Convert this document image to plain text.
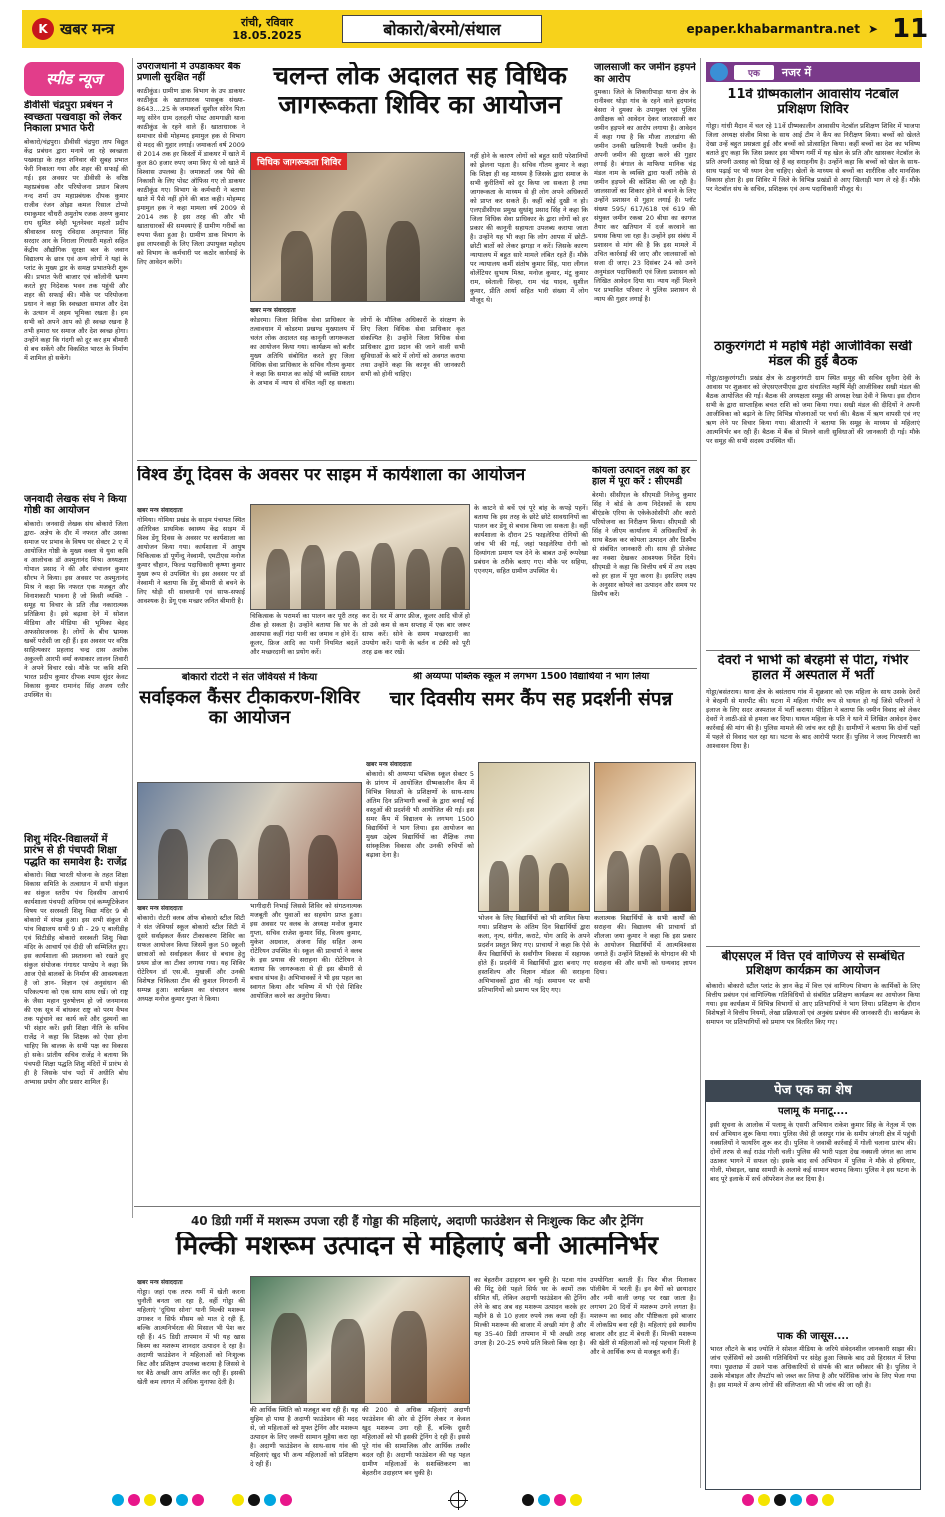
K खबर मन्त्र	रांची, रविवार
18.05.2025	बोकारो/बेरमो/संथाल	epaper.khabarmantra.net ➤ 11
स्पीड न्यूज
डीवीसी चंद्रपुरा प्रबंधन ने स्वच्छता पखवाड़ा को लेकर निकाला प्रभात फेरी
बोकारो/चंद्रपुरा। डीवीसी चंद्रपुरा ताप विद्युत केंद्र प्रबंधन द्वारा मनाये जा रहे स्वच्छता पखवाड़ा के तहत शनिवार की सुबह प्रभात फेरी निकाला गया और शहर की सफाई की गई। इस अवसर पर डीवीसी के वरिष्ठ महाप्रबंधक और परियोजना प्रधान बिजय नन्द शर्मा उप महाप्रबंधक दीपक कुमार राजीव रंजन ओझा कमल रिसाल टोप्पो रमाकुमार चौधरी अमुतोष रजक अरुण कुमार राय सुमित स्नेही भूतनेश्वर महतो प्रदीप श्रीवास्तव सरयु रविदास अमृतपाल सिंह सरदार आर के निराला गिरधारी महतो सहित केंद्रीय औद्योगिक सुरक्षा बल के जवान विद्यालय के छात्र एवं अन्य लोगों ने यहां के प्लांट के मुख्य द्वार के समक्ष प्रभातफेरी शुरू की। प्रभात फेरी बाजार एवं कॉलोनी भ्रमण करते हुए निदेशक भवन तक पहुंची और शहर की सफाई की। मौके पर परियोजना प्रधान ने कहा कि स्वच्छता समाज और देश के उत्थान में अहम भूमिका रखता है। हम सभी को अपने आप को ही स्वच्छ रखना है तभी हमारा घर समाज और देश स्वच्छ होगा। उन्होंने कहा कि गंदगी को दूर कर हम बीमारी से बच सकेंगे और विकसित भारत के निर्माण में शामिल हो सकेंगे।
जनवादी लेखक संघ ने किया गोष्ठी का आयोजन
बोकारो। जनवादी लेखक संघ बोकारो जिला द्वारा- अज्ञेय के दौर में नफरत और उसका समाज पर प्रभाव के विषय पर सेक्टर 2 ए में आयोजित गोष्ठी के मुख्य वक्ता थे युवा कवि व आलोचक डॉ अश्मुतानंद मिश्र। अध्यक्षता गोपाल प्रसाद ने की और संचालन कुमार सौरभ ने किया। इस अवसर पर अश्मुतानंद मिश्र ने कहा कि नफरत एक मजबूत और विनाशकारी भावना है जो किसी व्यक्ति - समूह या विचार के प्रति तीव्र नकारात्मक प्रतिक्रिया है। इसे बढ़ावा देने में सोशल मीडिया और मीडिया की भूमिका बेहद अफसोसजनक है। लोगों के बीच भ्रामक खबरें परोसी जा रही हैं। इस अवसर पर वरिष्ठ साहित्यकार प्रहलाद चन्द्र दास अशोक अकुल्ली आरपी वर्मा कथाकार लालन तिवारी ने अपने विचार रखे। मौके पर कवि शशि भारत प्रदीप कुमार दीपक श्याम सुंदर केवट विकास कुमार रामानंद सिंह अजय रतौर उपस्थित थे।
शिशु मंदिर-विद्यालयों में प्रारंभ से ही पंचपदी शिक्षा पद्धति का समावेश है: राजेंद्र
बोकारो। विद्या भारती योजना के तहत शिक्षा विकास समिति के तत्वाधान में सभी संकुल का संकुल स्तरीय पंच दिवसीय आचार्य कार्यशाला पंचपदी अधिगम एवं कम्प्यूटिकेशन विषय पर सरस्वती शिशु विद्या मंदिर 9 बी बोकारो में संपन्न हुआ। इस सभी संकुल से पांच विद्यालय सभी 9 डी - 29 ए बालीडीह एवं सिटीडीह बोकारो सरस्वती शिशु विद्या मंदिर के आचार्य एवं दीदी जी सम्मिलित हुए। इस कार्यशाला की प्रस्तावना को रखते हुए संकुल संयोजक गंगाधर पाण्डेय ने कहा कि आज ऐसे बालकों के निर्माण की आवश्यकता है जो ज्ञान- विज्ञान एवं अनुसंधान की परिकल्पना को एक साथ साथ रखें। जो राष्ट्र के जैसा महान पुरुषोत्तम हो जो जनमानस की एक सूत्र में बांधकर राष्ट्र को परम वैभव तक पहुंचाने का कार्य करें और दुश्मनों का भी संहार करें। इसी शिक्षा नीति के सचिव राजेंद्र ने कहा कि शिक्षक को ऐसा होना चाहिए कि बालक के सभी पक्ष का विकास हो सके। प्रांतीय सचिव राजेंद्र ने बताया कि पंचपदी शिक्षा पद्धति शिशु मंदिरों में प्रारंभ से ही है जिसके पांच पदों में अधीति बोध अभ्यास प्रयोग और प्रसार शामिल हैं।
उपराजधानी में उपडाकघर बैंक प्रणाली सुरक्षित नहीं
काठीकुंड। ग्रामीण डाक विभाग के उप डाकघर काठीकुंड के खाताधारक पासबुक संख्या- 8643....25 के जमाकर्ता सुशील सोरेन पिता मधु सोरेन ग्राम दलदली पोस्ट आमगाछी थाना काठीकुंड के रहने वाले हैं। खाताधारक ने समाचार सेवी मोहम्मद इमामुल हक से विभाग से मदद की गुहार लगाई। जमाकर्ता वर्ष 2009 से 2014 तक हर किस्तों में डाकघर में खाते में कुल 80 हजार रुपए जमा किए थे जो खाते में विश्वास उपलब्ध है। जमाकर्ता जब पैसे की निकासी के लिए पोस्ट ऑफिस गए तो डाकघर काठीकुंड गए। विभाग के कर्मचारी ने बताया खाते में पैसे नहीं होने की बात कही। मोहम्मद इमामुल हक ने कहा मामला वर्ष 2009 से 2014 तक है इस तरह की और भी खाताधारकों की समस्याएं हैं ग्रामीण गरीबों का रुपया फँसा हुआ है। ग्रामीण डाक विभाग के इस लापरवाही के लिए जिला उपायुक्त महोदय को विभाग के कर्मचारी पर कठोर कार्रवाई के लिए आवेदन करेंगे।
चलन्त लोक अदालत सह विधिक जागरूकता शिविर का आयोजन
चिधिक जागरूकता शिविर
खबर मन्त्र संवाददाता
कोडरमा। जिला विधिक सेवा प्राधिकार के तत्वावधान में कोडरमा प्रखण्ड मुख्यालय में चलंत लोक अदालत सह कानूनी जागरूकता का आयोजन किया गया। कार्यक्रम को बतौर मुख्य अतिथि संबोधित करते हुए जिला विधिक सेवा प्राधिकार के सचिव गौतम कुमार ने कहा कि समाज का कोई भी व्यक्ति साधन के अभाव में न्याय से वंचित नहीं रह सकता। लोगों के मौलिक अधिकारों के संरक्षण के लिए जिला विधिक सेवा प्राधिकार कृत संकल्पित है। उन्होंने जिला विधिक सेवा प्राधिकार द्वारा प्रदान की जाने वाली सभी सुविधाओं के बारे में लोगों को अवगत कराया तथा उन्होंने कहा कि कानून की जानकारी सभी को होनी चाहिए।
नहीं होने के कारण लोगों को बहुत सारी परेशानियों को झेलना पड़ता है। सचिव गौतम कुमार ने कहा कि शिक्षा ही वह माध्यम है जिसके द्वारा समाज के सभी कुरीतियों को दूर किया जा सकता है तथा जागरूकता के माध्यम से ही लोग अपने अधिकारों को प्राप्त कर सकते हैं। कहीं कोई दुखी न हो। एलएडीसीएस प्रमुख सुधांशु प्रसाद सिंह ने कहा कि जिला विधिक सेवा प्राधिकार के द्वारा लोगों को हर प्रकार की कानूनी सहायता उपलब्ध कराया जाता है। उन्होंने यह भी कहा कि लोग आपस में छोटी-छोटी बातों को लेकर झगड़ा न करें। जिसके कारण न्यायालय में बहुत सारे मामले लंबित रहते हैं। मौके पर न्यायालय कर्मी संतोष कुमार सिंह, पारा लीगल वोलेंटियर सुभाष मिश्रा, मनोज कुमार, मंटू कुमार राम, स्वेताली सिन्हा, राम चंद्र यादव, सुशील कुमार, प्रीति आर्या सहित भारी संख्या में लोग मौजूद थे।
जालसाजी कर जमीन हड़पने का आरोप
दुमका। जिले के शिकारीपाड़ा थाना क्षेत्र के रानीश्वर थोड़ा गांव के रहने वाले हृदयानंद बेसरा ने दुमका के उपायुक्त एवं पुलिस अधीक्षक को आवेदन देकर जालसाजी कर जमीन हड़पने का आरोप लगाया है। आवेदन में कहा गया है कि मौजा तालडांगा की जमीन उनकी खतियानी रैयती जमीन है। अपनी जमीन की सुरक्षा करने की गुहार लगाई है। बंगाल के माफिया मानिक चंद्र मंडल नाम के व्यक्ति द्वारा फर्जी तरीके से जमीन हड़पने की कोशिश की जा रही है। जालसाजों का शिकार होने से बचाने के लिए उन्होंने प्रशासन से गुहार लगाई है। प्लॉट संख्या 595/ 617/618 एवं 619 की संयुक्त जमीन रकबा 20 बीघा का कागज तैयार कर खतियान में दर्ज करवाने का प्रयास किया जा रहा है। उन्होंने इस संबंध में प्रशासन से मांग की है कि इस मामले में उचित कार्रवाई की जाए और जालसाजों को सजा दी जाए। 23 दिसंबर 24 को उनने अनुमंडल पदाधिकारी एवं जिला प्रशासन को लिखित आवेदन दिया था। न्याय नहीं मिलने पर प्रभावित परिवार ने पुलिस प्रशासन से न्याय की गुहार लगाई है।
विश्व डेंगू दिवस के अवसर पर साइम में कार्यशाला का आयोजन
खबर मन्त्र संवाददाता
गोमिया। गोमिया प्रखंड के साड़म पंचायत स्थित अतिरिक्त प्राथमिक स्वास्थ्य केंद्र साड़म में विश्व डेंगू दिवस के अवसर पर कार्यशाला का आयोजन किया गया। कार्यशाला में आयुष चिकित्सक डॉ पूर्णेन्दु नेस्वामी, एमटीएस मनोज कुमार चौहान, फिल्ड पदाधिकारी कृष्णा कुमार मुख्य रूप से उपस्थित थे। इस अवसर पर डॉ नेस्वामी ने बताया कि डेंगू बीमारी से बचने के लिए थोड़ी सी सावधानी एवं साफ-सफाई आवश्यक है। डेंगू एक मच्छर जनित बीमारी है।
चिकित्सक के परामर्श का पालन कर पूरी तरह ठीक हो सकता है। उन्होंने बताया कि घर के आसपास कहीं गंदा पानी का जमाव न होने दें। कूलर, फ्रिज आदि का पानी नियमित बदलें और मच्छरदानी का प्रयोग करें।
कर दें। घर में अगर फ्रीज, कूलर आदि चीजें हो तो उसे कम से कम सप्ताह में एक बार जरूर साफ करें। सोने के समय मच्छरदानी का उपयोग करें। पानी के बर्तन व टंकी को पूरी तरह ढक कर रखें।
के काटने से बचें एवं पूरे बांह के कपड़े पहनें। बताया कि इस तरह के छोटे छोटे सावधानियों का पालन कर डेंगू से बचाव किया जा सकता है। वहीं कार्यशाला के दौरान 25 फाइलेरिया रोगियों की जांच भी की गई, जहां फाइलेरिया रोगी को दिव्यांगता प्रमाण पत्र देने के बाबत उन्हें रूपरेखा प्रबंधन के तरीके बताए गए। मौके पर सहिया, एएनएम, सहित ग्रामीण उपस्थित थे।
कोयला उत्पादन लक्ष्य को हर हाल में पूरा करें : सीएमडी
बेरमो। सीसीएल के सीएमडी निलेन्दु कुमार सिंह ने बोर्ड के अन्य निदेशकों के साथ बीएंडके एरिया के एकेकेओसीपी और कारो परियोजना का निरीक्षण किया। सीएमडी श्री सिंह ने जीएम कार्यालय में अधिकारियों के साथ बैठक कर कोयला उत्पादन और डिस्पैच से संबंधित जानकारी ली। साथ ही प्रोजेक्ट का नक्शा देखकर आवश्यक निर्देश दिये। सीएमडी ने कहा कि वित्तीय वर्ष में तय लक्ष्य को हर हाल में पूरा करना है। इसलिए लक्ष्य के अनुसार कोयले का उत्पादन और समय पर डिस्पैच करें।
बोकारो रोटरी ने संत जेवियर्स में किया
सर्वाइकल कैंसर टीकाकरण-शिविर का आयोजन
खबर मन्त्र संवाददाता
बोकारो। रोटरी क्लब ऑफ बोकारो स्टील सिटी ने संत जेवियर्स स्कूल बोकारो स्टील सिटी में दूसरे सर्वाइकल कैंसर टीकाकरण शिविर का सफल आयोजन किया जिसमें कुल 50 स्कूली छात्राओं को सर्वाइकल कैंसर से बचाव हेतु प्रथम डोज का टीका लगाया गया। यह शिविर रोटेरियन डॉ एस.बी. मुखर्जी और उनकी विशेषज्ञ चिकित्सा टीम की कुशल निगरानी में सम्पन्न हुआ। कार्यक्रम का संचालन क्लब अध्यक्ष मनोज कुमार गुप्ता ने किया।
भागीदारी निभाई जिससे शिविर को संगठनात्मक मजबूती और युवाओं का सहयोग प्राप्त हुआ। इस अवसर पर क्लब के अध्यक्ष मनोज कुमार गुप्ता, सचिव राजेश कुमार सिंह, विजय कुमार, मुकेश अग्रवाल, अंजना सिंह सहित अन्य रोटेरियन उपस्थित थे। स्कूल की प्राचार्या ने क्लब के इस प्रयास की सराहना की। रोटेरियन ने बताया कि जागरूकता से ही इस बीमारी से बचाव संभव है। अभिभावकों ने भी इस पहल का स्वागत किया और भविष्य में भी ऐसे शिविर आयोजित करने का अनुरोध किया।
श्री अय्यप्पा पब्लिक स्कूल में लगभग 1500 विद्यार्थियों ने भाग लिया
चार दिवसीय समर कैंप सह प्रदर्शनी संपन्न
खबर मन्त्र संवाददाता
बोकारो। श्री अय्यप्पा पब्लिक स्कूल सेक्टर 5 के प्रांगण में आयोजित ग्रीष्मकालीन कैंप में विभिन्न विधाओं के प्रशिक्षणों के साथ-साथ अंतिम दिन प्रतिभागी बच्चों के द्वारा बनाई गई वस्तुओं की प्रदर्शनी भी आयोजित की गई। इस समर कैंप में विद्यालय के लगभग 1500 विद्यार्थियों ने भाग लिया। इस आयोजन का मुख्य उद्देश्य विद्यार्थियों का शैक्षिक तथा सांस्कृतिक विकास और उनकी रुचियों को बढ़ावा देना है।
भोजन के लिए विद्यार्थियों को भी शामिल किया गया। प्रशिक्षण के अंतिम दिन विद्यार्थियों द्वारा कला, नृत्य, संगीत, कराटे, योग आदि के अपने प्रदर्शन प्रस्तुत किए गए। प्राचार्या ने कहा कि ऐसे कैंप विद्यार्थियों के सर्वांगीण विकास में सहायक होते हैं। प्रदर्शनी में विद्यार्थियों द्वारा बनाए गए हस्तशिल्प और विज्ञान मॉडल की सराहना अभिभावकों द्वारा की गई। समापन पर सभी प्रतिभागियों को प्रमाण पत्र दिए गए।
कलात्मक विद्यार्थियों के सभी कार्यों की सराहना की। विद्यालय की प्राचार्या डॉ शीलजा जया कुमार ने कहा कि इस प्रकार के आयोजन विद्यार्थियों में आत्मविश्वास जगाते हैं। उन्होंने शिक्षकों के योगदान की भी सराहना की और सभी को धन्यवाद ज्ञापन दिया।
40 डिग्री गर्मी में मशरूम उपजा रही हैं गोड्डा की महिलाएं, अदाणी फाउंडेशन से निःशुल्क किट और ट्रेनिंग
मिल्की मशरूम उत्पादन से महिलाएं बनी आत्मनिर्भर
खबर मन्त्र संवाददाता
गोड्डा। जहां एक तरफ गर्मी में खेती करना चुनौती बनता जा रहा है, वहीं गोड्डा की महिलाएं 'दूधिया सोना' यानी मिल्की मशरूम उगाकर न सिर्फ मौसम को मात दे रही हैं, बल्कि आत्मनिर्भरता की मिसाल भी पेश कर रही हैं। 45 डिग्री तापमान में भी यह खास किस्म का मशरूम शानदार उत्पादन दे रहा है। अदाणी फाउंडेशन ने महिलाओं को निःशुल्क किट और प्रशिक्षण उपलब्ध कराया है जिससे वे घर बैठे अच्छी आय अर्जित कर रही हैं। इसकी खेती कम लागत में अधिक मुनाफा देती है।
की आर्थिक स्थिति को मजबूत बना रही हैं। यह मुहिम हो पाया है अदाणी फाउंडेशन की मदद से, जो महिलाओं को मुफ्त ट्रेनिंग और मशरूम उत्पादन के लिए जरूरी सामान मुहैया करा रहा है। अदाणी फाउंडेशन के साथ-साथ गांव की महिलाएं खुद भी अन्य महिलाओं को प्रशिक्षण दे रही हैं।
की 200 से अधिक महिलाएं अदाणी फाउंडेशन की ओर से ट्रेनिंग लेकर न केवल खुद मशरूम उगा रही हैं, बल्कि दूसरी महिलाओं को भी इसकी ट्रेनिंग दे रही हैं। इससे पूरे गांव की सामाजिक और आर्थिक तस्वीर बदल रही है। अदाणी फाउंडेशन की यह पहल ग्रामीण महिलाओं के सशक्तिकरण का बेहतरीन उदाहरण बन चुकी है।
का बेहतरीन उदाहरण बन चुकी है। पटवा गांव की मिंटू देवी पहले सिर्फ घर के कामों तक सीमित थीं, लेकिन अदाणी फाउंडेशन की ट्रेनिंग लेने के बाद अब वह मशरूम उत्पादन करके हर महीने 8 से 10 हजार रुपये तक कमा रही हैं। मिल्की मशरूम की बाजार में अच्छी मांग है और यह 35-40 डिग्री तापमान में भी अच्छी तरह उगता है। 20-25 रुपये प्रति किलो बिक रहा है।
उपयोगिता बताती हैं। फिर बीज मिलाकर पॉलीबैग में भरती हैं। इन बैगों को छायादार और नमी वाली जगह पर रखा जाता है। लगभग 20 दिनों में मशरूम उगने लगता है। मशरूम का स्वाद और पौष्टिकता इसे बाजार में लोकप्रिय बना रही है। महिलाएं इसे स्थानीय बाजार और हाट में बेचती हैं। मिल्की मशरूम की खेती से महिलाओं को नई पहचान मिली है और वे आर्थिक रूप से मजबूत बनी हैं।
एक	नजर में
11वें ग्रीष्मकालीन आवासीय नेटबॉल प्रशिक्षण शिविर
गोड्डा। गांधी मैदान में चल रहे 11वें ग्रीष्मकालीन आवासीय नेटबॉल प्रशिक्षण शिविर में भाजपा जिला अध्यक्ष संजीव मिश्रा के साथ आई टीम ने कैंप का निरीक्षण किया। बच्चों को खेलते देखा उन्हें बहुत प्रसन्नता हुई और बच्चों को प्रोत्साहित किया। कहीं बच्चों का देश का भविष्य बताते हुए कहा कि जिस प्रकार इस भीषण गर्मी में यह खेल के प्रति और खासकर नेटबॉल के प्रति अपनी उत्साह को दिखा रहे हैं वह सराहनीय है। उन्होंने कहा कि बच्चों को खेल के साथ-साथ पढ़ाई पर भी ध्यान देना चाहिए। खेलों के माध्यम से बच्चों का शारीरिक और मानसिक विकास होता है। इस शिविर में जिले के विभिन्न प्रखंडों से आए खिलाड़ी भाग ले रहे हैं। मौके पर नेटबॉल संघ के सचिव, प्रशिक्षक एवं अन्य पदाधिकारी मौजूद थे।
ठाकुरगंगटी में महर्षि मेंही आजीविका सखी मंडल की हुई बैठक
गोड्डा/ठाकुरगंगटी। प्रखंड क्षेत्र के ठाकुरगंगटी ग्राम स्थित समूह की सचिव सुनैना देवी के आवास पर शुक्रवार को जेएसएलपीएस द्वारा संचालित महर्षि मेंही आजीविका सखी मंडल की बैठक आयोजित की गई। बैठक की अध्यक्षता समूह की अध्यक्ष रेखा देवी ने किया। इस दौरान सभी के द्वारा साप्ताहिक बचत राशि को जमा किया गया। सखी मंडल की दीदियों ने अपनी आजीविका को बढ़ाने के लिए विभिन्न योजनाओं पर चर्चा की। बैठक में ऋण वापसी एवं नए ऋण लेने पर विचार किया गया। बीआरपी ने बताया कि समूह के माध्यम से महिलाएं आत्मनिर्भर बन रही हैं। बैठक में बैंक से मिलने वाली सुविधाओं की जानकारी दी गई। मौके पर समूह की सभी सदस्य उपस्थित थीं।
देवरों ने भाभी को बेरहमी से पीटा, गंभीर हालत में अस्पताल में भर्ती
गोड्डा/बसंतराय। थाना क्षेत्र के बसंतराय गांव में शुक्रवार को एक महिला के साथ उसके देवरों ने बेरहमी से मारपीट की। घटना में महिला गंभीर रूप से घायल हो गई जिसे परिजनों ने इलाज के लिए सदर अस्पताल में भर्ती कराया। पीड़िता ने बताया कि जमीन विवाद को लेकर देवरों ने लाठी-डंडे से हमला कर दिया। घायल महिला के पति ने थाने में लिखित आवेदन देकर कार्रवाई की मांग की है। पुलिस मामले की जांच कर रही है। ग्रामीणों ने बताया कि दोनों पक्षों में पहले से विवाद चल रहा था। घटना के बाद आरोपी फरार हैं। पुलिस ने जल्द गिरफ्तारी का आश्वासन दिया है।
बीएसएल में वित्त एवं वाणिज्य से सम्बंधित प्रशिक्षण कार्यक्रम का आयोजन
बोकारो। बोकारो स्टील प्लांट के ज्ञान केंद्र में वित्त एवं वाणिज्य विभाग के कार्मिकों के लिए वित्तीय प्रबंधन एवं वाणिज्यिक गतिविधियों से संबंधित प्रशिक्षण कार्यक्रम का आयोजन किया गया। इस कार्यक्रम में विभिन्न विभागों से आए प्रतिभागियों ने भाग लिया। प्रशिक्षण के दौरान विशेषज्ञों ने वित्तीय नियमों, लेखा प्रक्रियाओं एवं अनुबंध प्रबंधन की जानकारी दी। कार्यक्रम के समापन पर प्रतिभागियों को प्रमाण पत्र वितरित किए गए।
पेज एक का शेष
पलामू के मनाटू....
इसी सूचना के आलोक में पलामू के एसपी अभियान राकेश कुमार सिंह के नेतृत्व में एक सर्च अभियान शुरू किया गया। पुलिस जैसे ही जसपुर गांव के समीप जंगली क्षेत्र में पहुंची नक्सलियों ने फायरिंग शुरू कर दी। पुलिस ने जवाबी कार्रवाई में गोली चलाना प्रारंभ की। दोनों तरफ से कई राउंड गोली चली। पुलिस की भारी पड़ता देख नक्सली जंगल का लाभ उठाकर भागने में सफल रहे। इसके बाद सर्च अभियान में पुलिस ने मौके से हथियार, गोली, मोबाइल, खाद्य सामग्री के अलावे कई सामान बरामद किया। पुलिस ने इस घटना के बाद पूरे इलाके में सर्च ऑपरेशन तेज कर दिया है।
पाक की जासूस....
भारत लौटने के बाद ज्योति ने सोशल मीडिया के जरिये संवेदनशील जानकारी साझा की। जांच एजेंसियों को उसकी गतिविधियों पर संदेह हुआ जिसके बाद उसे हिरासत में लिया गया। पूछताछ में उसने पाक अधिकारियों से संपर्क की बात स्वीकार की है। पुलिस ने उसके मोबाइल और लैपटॉप को जब्त कर लिया है और फॉरेंसिक जांच के लिए भेजा गया है। इस मामले में अन्य लोगों की संलिप्तता की भी जांच की जा रही है।
